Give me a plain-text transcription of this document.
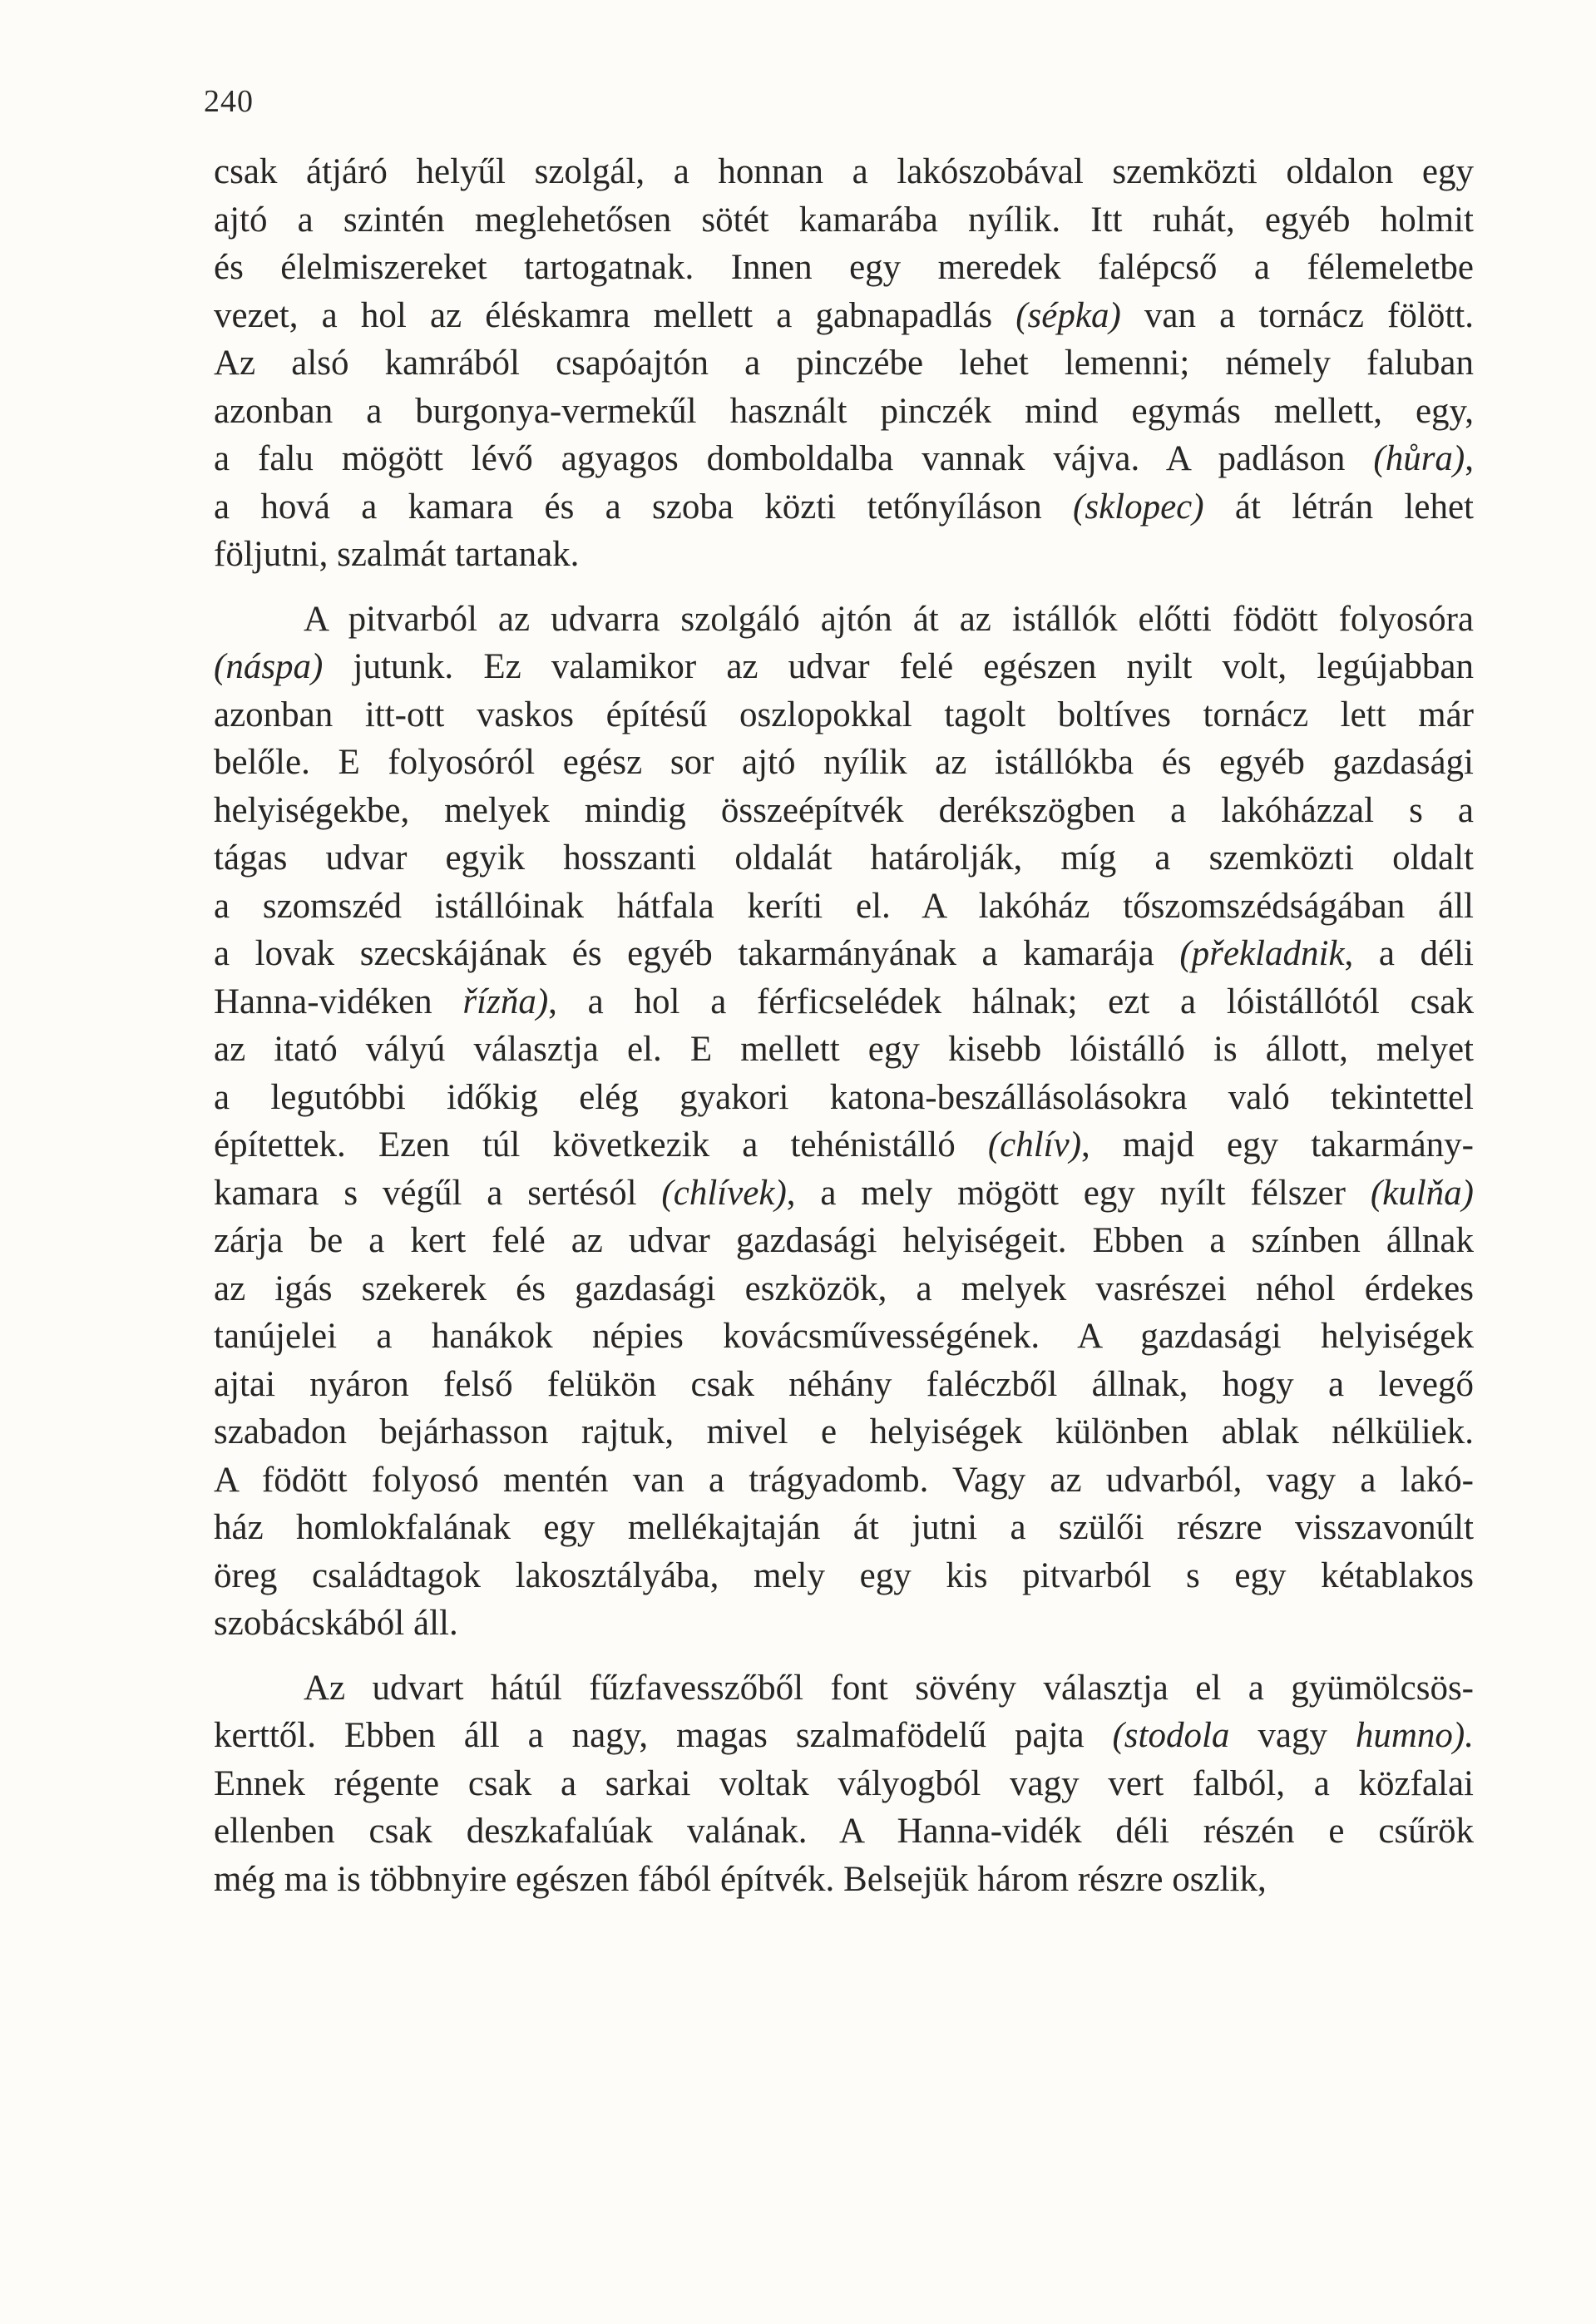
240
csak átjáró helyűl szolgál, a honnan a lakószobával szemközti oldalon egy
ajtó a szintén meglehetősen sötét kamarába nyílik. Itt ruhát, egyéb holmit
és élelmiszereket tartogatnak. Innen egy meredek falépcső a félemeletbe
vezet, a hol az éléskamra mellett a gabnapadlás (sépka) van a tornácz fölött.
Az alsó kamrából csapóajtón a pinczébe lehet lemenni; némely faluban
azonban a burgonya-vermekűl használt pinczék mind egymás mellett, egy,
a falu mögött lévő agyagos domboldalba vannak vájva. A padláson (hůra),
a hová a kamara és a szoba közti tetőnyíláson (sklopec) át létrán lehet
följutni, szalmát tartanak.
A pitvarból az udvarra szolgáló ajtón át az istállók előtti födött folyosóra
(náspa) jutunk. Ez valamikor az udvar felé egészen nyilt volt, legújabban
azonban itt-ott vaskos építésű oszlopokkal tagolt boltíves tornácz lett már
belőle. E folyosóról egész sor ajtó nyílik az istállókba és egyéb gazdasági
helyiségekbe, melyek mindig összeépítvék derékszögben a lakóházzal s a
tágas udvar egyik hosszanti oldalát határolják, míg a szemközti oldalt
a szomszéd istállóinak hátfala keríti el. A lakóház tőszomszédságában áll
a lovak szecskájának és egyéb takarmányának a kamarája (překladnik, a déli
Hanna-vidéken řízňa), a hol a férficselédek hálnak; ezt a lóistállótól csak
az itató vályú választja el. E mellett egy kisebb lóistálló is állott, melyet
a legutóbbi időkig elég gyakori katona-beszállásolásokra való tekintettel
építettek. Ezen túl következik a tehénistálló (chlív), majd egy takarmány-
kamara s végűl a sertésól (chlívek), a mely mögött egy nyílt félszer (kulňa)
zárja be a kert felé az udvar gazdasági helyiségeit. Ebben a színben állnak
az igás szekerek és gazdasági eszközök, a melyek vasrészei néhol érdekes
tanújelei a hanákok népies kovácsművességének. A gazdasági helyiségek
ajtai nyáron felső felükön csak néhány faléczből állnak, hogy a levegő
szabadon bejárhasson rajtuk, mivel e helyiségek különben ablak nélküliek.
A födött folyosó mentén van a trágyadomb. Vagy az udvarból, vagy a lakó-
ház homlokfalának egy mellékajtaján át jutni a szülői részre visszavonúlt
öreg családtagok lakosztályába, mely egy kis pitvarból s egy kétablakos
szobácskából áll.
Az udvart hátúl fűzfavesszőből font sövény választja el a gyümölcsös-
kerttől. Ebben áll a nagy, magas szalmafödelű pajta (stodola vagy humno).
Ennek régente csak a sarkai voltak vályogból vagy vert falból, a közfalai
ellenben csak deszkafalúak valának. A Hanna-vidék déli részén e csűrök
még ma is többnyire egészen fából építvék. Belsejük három részre oszlik,
